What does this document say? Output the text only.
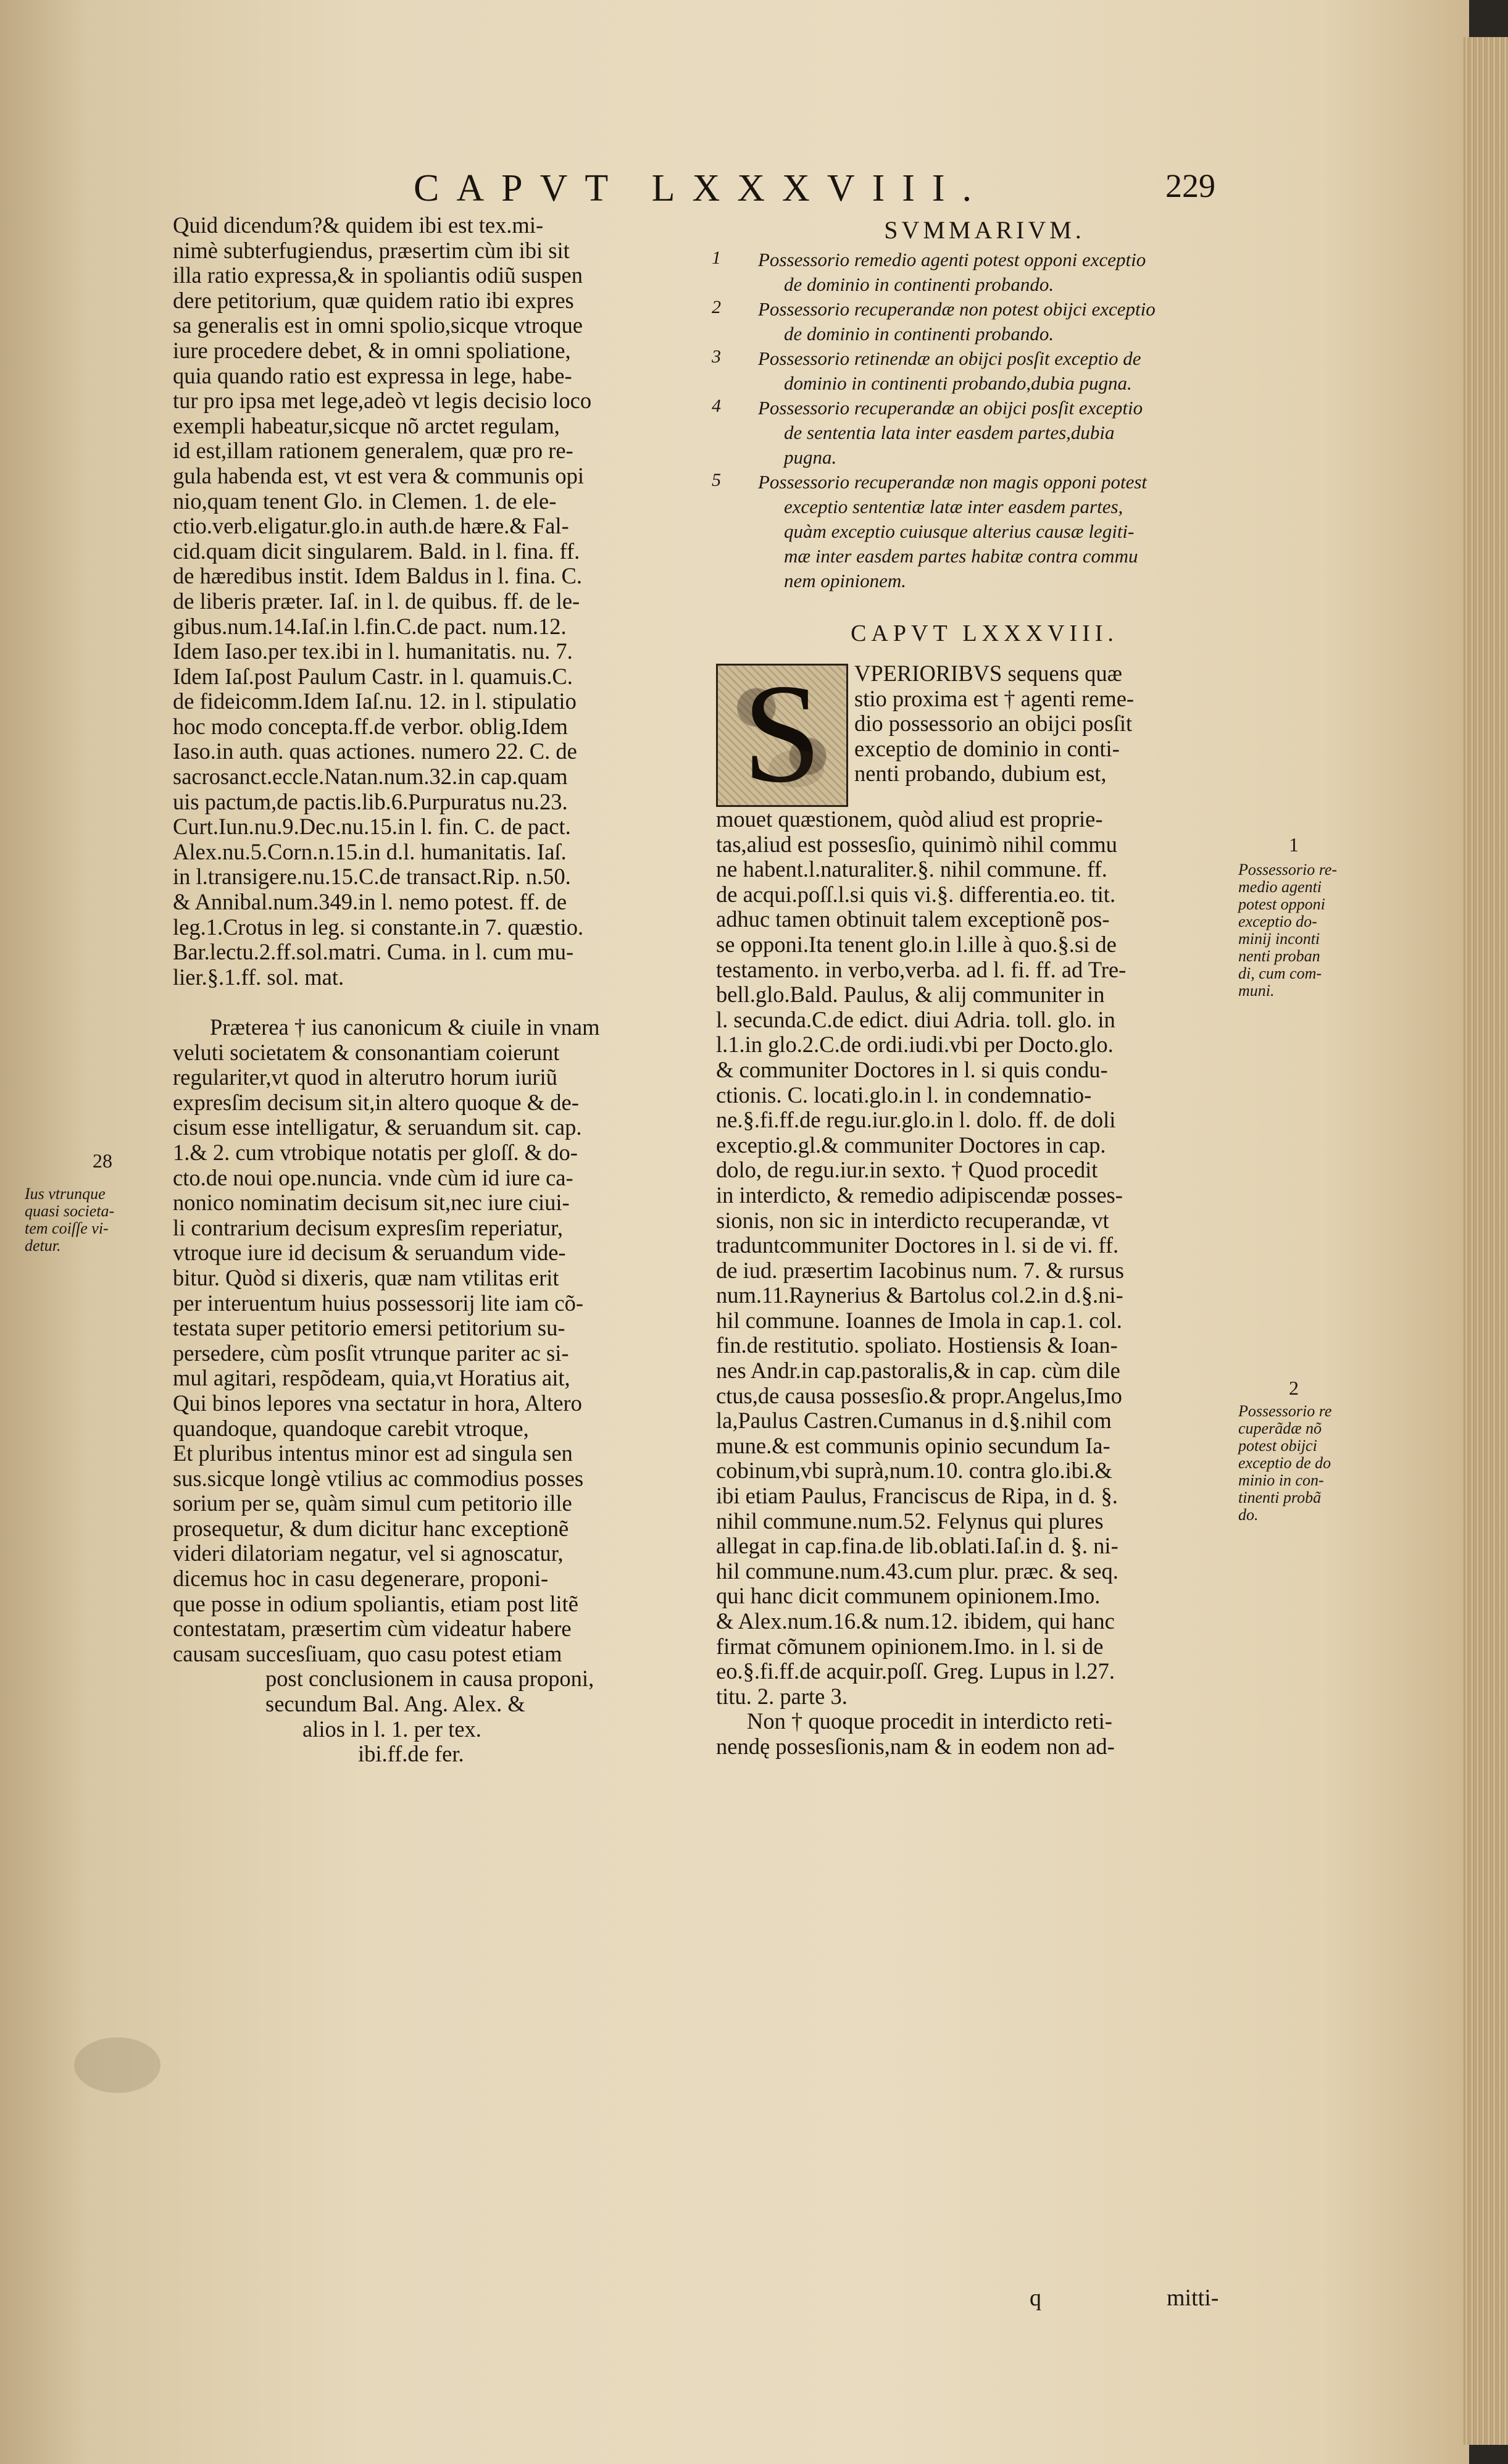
CAPVT LXXXVIII.	229
Quid dicendum?& quidem ibi est tex.mi-
nimè subterfugiendus, præsertim cùm ibi sit
illa ratio expressa,& in spoliantis odiũ suspen
dere petitorium, quæ quidem ratio ibi expres
sa generalis est in omni spolio,sicque vtroque
iure procedere debet, & in omni spoliatione,
quia quando ratio est expressa in lege, habe-
tur pro ipsa met lege,adeò vt legis decisio loco
exempli habeatur,sicque nõ arctet regulam,
id est,illam rationem generalem, quæ pro re-
gula habenda est, vt est vera & communis opi
nio,quam tenent Glo. in Clemen. 1. de ele-
ctio.verb.eligatur.glo.in auth.de hære.& Fal-
cid.quam dicit singularem. Bald. in l. fina. ff.
de hæredibus instit. Idem Baldus in l. fina. C.
de liberis præter. Iaſ. in l. de quibus. ff. de le-
gibus.num.14.Iaſ.in l.fin.C.de pact. num.12.
Idem Iaso.per tex.ibi in l. humanitatis. nu. 7.
Idem Iaſ.post Paulum Castr. in l. quamuis.C.
de fideicomm.Idem Iaſ.nu. 12. in l. stipulatio
hoc modo concepta.ff.de verbor. oblig.Idem
Iaso.in auth. quas actiones. numero 22. C. de
sacrosanct.eccle.Natan.num.32.in cap.quam
uis pactum,de pactis.lib.6.Purpuratus nu.23.
Curt.Iun.nu.9.Dec.nu.15.in l. fin. C. de pact.
Alex.nu.5.Corn.n.15.in d.l. humanitatis. Iaſ.
in l.transigere.nu.15.C.de transact.Rip. n.50.
& Annibal.num.349.in l. nemo potest. ff. de
leg.1.Crotus in leg. si constante.in 7. quæstio.
Bar.lectu.2.ff.sol.matri. Cuma. in l. cum mu-
lier.§.1.ff. sol. mat.
Præterea † ius canonicum & ciuile in vnam
veluti societatem & consonantiam coierunt
regulariter,vt quod in alterutro horum iuriũ
expresſim decisum sit,in altero quoque & de-
cisum esse intelligatur, & seruandum sit. cap.
1.& 2. cum vtrobique notatis per gloſſ. & do-
cto.de noui ope.nuncia. vnde cùm id iure ca-
nonico nominatim decisum sit,nec iure ciui-
li contrarium decisum expresſim reperiatur,
vtroque iure id decisum & seruandum vide-
bitur. Quòd si dixeris, quæ nam vtilitas erit
per interuentum huius possessorij lite iam cõ-
testata super petitorio emersi petitorium su-
persedere, cùm posſit vtrunque pariter ac si-
mul agitari, respõdeam, quia,vt Horatius ait,
Qui binos lepores vna sectatur in hora, Altero
quandoque, quandoque carebit vtroque,
Et pluribus intentus minor est ad singula sen
sus.sicque longè vtilius ac commodius posses
sorium per se, quàm simul cum petitorio ille
prosequetur, & dum dicitur hanc exceptionẽ
videri dilatoriam negatur, vel si agnoscatur,
dicemus hoc in casu degenerare, proponi-
que posse in odium spoliantis, etiam post litẽ
contestatam, præsertim cùm videatur habere
causam succesſiuam, quo casu potest etiam
post conclusionem in causa proponi,
secundum Bal. Ang. Alex. &
alios in l. 1. per tex.
ibi.ff.de fer.
28
Ius vtrunque
quasi societa-
tem coiſſe vi-
detur.
SVMMARIVM.
1	Possessorio remedio agenti potest opponi exceptio
de dominio in continenti probando.
2	Possessorio recuperandæ non potest obijci exceptio
de dominio in continenti probando.
3	Possessorio retinendæ an obijci posſit exceptio de
dominio in continenti probando,dubia pugna.
4	Possessorio recuperandæ an obijci posſit exceptio
de sententia lata inter easdem partes,dubia
pugna.
5	Possessorio recuperandæ non magis opponi potest
exceptio sententiæ latæ inter easdem partes,
quàm exceptio cuiusque alterius causæ legiti-
mæ inter easdem partes habitæ contra commu
nem opinionem.
CAPVT LXXXVIII.
S	VPERIORIBVS sequens quæ
stio proxima est † agenti reme-
dio possessorio an obijci posſit
exceptio de dominio in conti-
nenti probando, dubium est,
mouet quæstionem, quòd aliud est proprie-
tas,aliud est possesſio, quinimò nihil commu
ne habent.l.naturaliter.§. nihil commune. ff.
de acqui.poſſ.l.si quis vi.§. differentia.eo. tit.
adhuc tamen obtinuit talem exceptionẽ pos-
se opponi.Ita tenent glo.in l.ille à quo.§.si de
testamento. in verbo,verba. ad l. fi. ff. ad Tre-
bell.glo.Bald. Paulus, & alij communiter in
l. secunda.C.de edict. diui Adria. toll. glo. in
l.1.in glo.2.C.de ordi.iudi.vbi per Docto.glo.
& communiter Doctores in l. si quis condu-
ctionis. C. locati.glo.in l. in condemnatio-
ne.§.fi.ff.de regu.iur.glo.in l. dolo. ff. de doli
exceptio.gl.& communiter Doctores in cap.
dolo, de regu.iur.in sexto. † Quod procedit
in interdicto, & remedio adipiscendæ posses-
sionis, non sic in interdicto recuperandæ, vt
traduntcommuniter Doctores in l. si de vi. ff.
de iud. præsertim Iacobinus num. 7. & rursus
num.11.Raynerius & Bartolus col.2.in d.§.ni-
hil commune. Ioannes de Imola in cap.1. col.
fin.de restitutio. spoliato. Hostiensis & Ioan-
nes Andr.in cap.pastoralis,& in cap. cùm dile
ctus,de causa possesſio.& propr.Angelus,Imo
la,Paulus Castren.Cumanus in d.§.nihil com
mune.& est communis opinio secundum Ia-
cobinum,vbi suprà,num.10. contra glo.ibi.&
ibi etiam Paulus, Franciscus de Ripa, in d. §.
nihil commune.num.52. Felynus qui plures
allegat in cap.fina.de lib.oblati.Iaſ.in d. §. ni-
hil commune.num.43.cum plur. præc. & seq.
qui hanc dicit communem opinionem.Imo.
& Alex.num.16.& num.12. ibidem, qui hanc
firmat cõmunem opinionem.Imo. in l. si de
eo.§.fi.ff.de acquir.poſſ. Greg. Lupus in l.27.
titu. 2. parte 3.
Non † quoque procedit in interdicto reti-
nendę possesſionis,nam & in eodem non ad-
1
Possessorio re-
medio agenti
potest opponi
exceptio do-
minij inconti
nenti proban
di, cum com-
muni.
2
Possessorio re
cuperãdæ nõ
potest obijci
exceptio de do
minio in con-
tinenti probã
do.
q	mitti-
